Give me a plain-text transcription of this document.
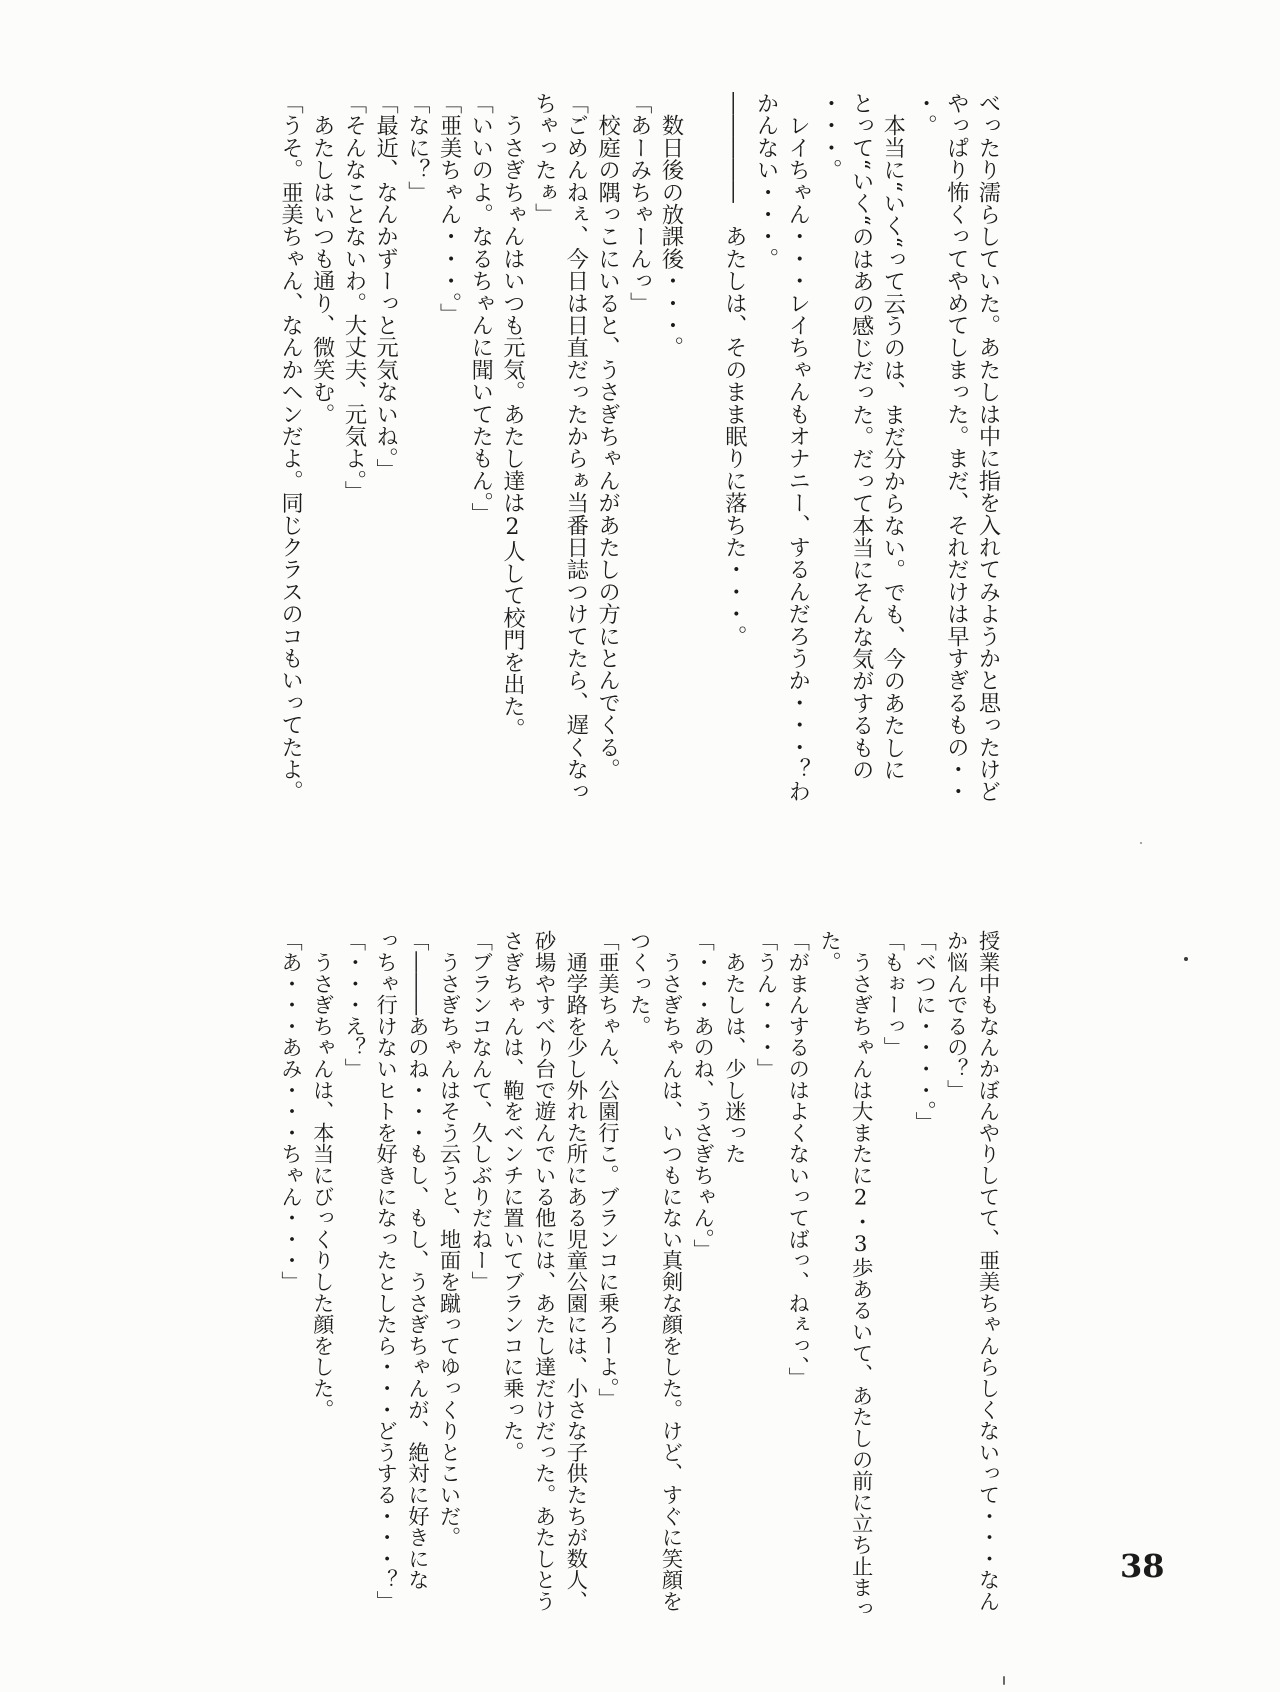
べったり濡らしていた。あたしは中に指を入れてみようかと思ったけど

やっぱり怖くってやめてしまった。まだ、それだけは早すぎるもの・・

・。

　本当に“いく“って云うのは、まだ分からない。でも、今のあたしに

とって“いく“のはあの感じだった。だって本当にそんな気がするもの

・・・。

　レイちゃん・・・レイちゃんもオナニー、するんだろうか・・・？わ

かんない・・・。

―――――　あたしは、そのまま眠りに落ちた・・・。

　数日後の放課後・・・。

「あーみちゃーんっ」

　校庭の隅っこにいると、うさぎちゃんがあたしの方にとんでくる。

「ごめんねぇ、今日は日直だったからぁ当番日誌つけてたら、遅くなっ

ちゃったぁ」

　うさぎちゃんはいつも元気。あたし達は2人して校門を出た。

「いいのよ。なるちゃんに聞いてたもん。」

「亜美ちゃん・・・。」

「なに？」

「最近、なんかずーっと元気ないね。」

「そんなことないわ。大丈夫、元気よ。」

　あたしはいつも通り、微笑む。

「うそ。亜美ちゃん、なんかヘンだよ。同じクラスのコもいってたよ。

授業中もなんかぼんやりしてて、亜美ちゃんらしくないって・・・なん

か悩んでるの？」

「べつに・・・・。」

「もぉーっ」

　うさぎちゃんは大またに2・3歩あるいて、あたしの前に立ち止まっ

た。

「がまんするのはよくないってばっ、ねぇっ、」

「うん・・・」

　あたしは、少し迷った

「・・・あのね、うさぎちゃん。」

　うさぎちゃんは、いつもにない真剣な顔をした。けど、すぐに笑顔を

つくった。

「亜美ちゃん、公園行こ。ブランコに乗ろーよ。」

　通学路を少し外れた所にある児童公園には、小さな子供たちが数人、

砂場やすべり台で遊んでいる他には、あたし達だけだった。あたしとう

さぎちゃんは、鞄をベンチに置いてブランコに乗った。

「ブランコなんて、久しぶりだねー」

　うさぎちゃんはそう云うと、地面を蹴ってゆっくりとこいだ。

「―――あのね・・・もし、もし、うさぎちゃんが、絶対に好きにな

っちゃ行けないヒトを好きになったとしたら・・・どうする・・・？」

「・・・え？」

　うさぎちゃんは、本当にびっくりした顔をした。

「あ・・・あみ・・・ちゃん・・・」

38
